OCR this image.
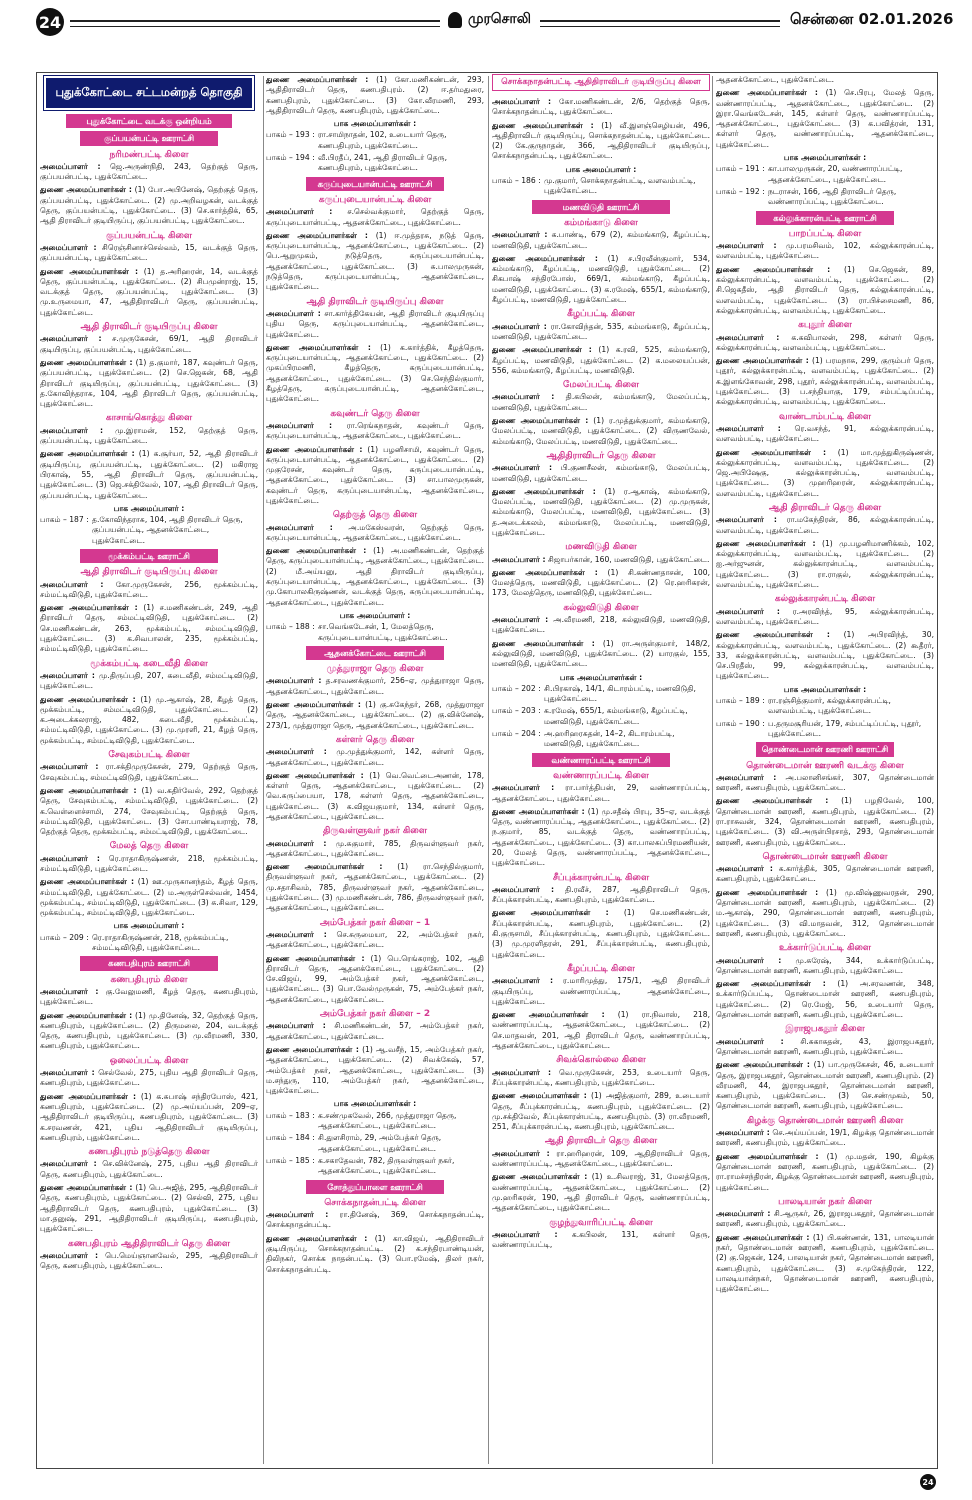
24	முரசொலி	சென்னை 02.01.2026
புதுக்கோட்டை சட்டமன்றத் தொகுதி
புதுக்கோட்டை வடக்கு ஒன்றியம்
குப்பயன்பட்டி ஊராட்சி
நரிமண்பட்டி கிளை
அமைப்பாளர் : ஜெ.அருண்நிதி, 243, தெற்குத் தெரு, குப்பயன்பட்டி, புதுக்கோட்டை.
துணை அமைப்பாளர்கள் : (1) போ.அபினேஷ், தெற்குத் தெரு, குப்பயன்பட்டி, புதுக்கோட்டை. (2) மு.அறிவழகன், வடக்குத் தெரு, குப்பயன்பட்டி, புதுக்கோட்டை. (3) செ.கார்த்திக், 65, ஆதி திராவிடர் குடியிருப்பு, குப்பயன்பட்டி, புதுக்கோட்டை.
குப்பயன்பட்டி கிளை
அமைப்பாளர் : சிரெஞ்சினாச்செல்வம், 15, வடக்குத் தெரு, குப்பயன்பட்டி, புதுக்கோட்டை.
துணை அமைப்பாளர்கள் : (1) த.அரிஹரன், 14, வடக்குத் தெரு, குப்பயன்பட்டி, புதுக்கோட்டை. (2) சிபமுன்ராஜ், 15, வடக்குத் தெரு, குப்பயன்பட்டி, புதுக்கோட்டை. (3) மு.உருமையா, 47, ஆதிதிராவிடர் தெரு, குப்பயன்பட்டி, புதுக்கோட்டை.
ஆதி திராவிடர் குடியிருப்பு கிளை
அமைப்பாளர் : ச.முருகேசன், 69/1, ஆதி திராவிடர் குடியிருப்பு, குப்பயன்பட்டி, புதுக்கோட்டை.
துணை அமைப்பாளர்கள் : (1) த.குமார், 187, கவுண்டர் தெரு, குப்பயன்பட்டி, புதுக்கோட்டை. (2) செ.ஜெகன், 68, ஆதி திராவிடர் குடியிருப்பு, குப்பயன்பட்டி, புதுக்கோட்டை. (3) த.கோவிந்தராசு, 104, ஆதி திராவிடர் தெரு, குப்பயன்பட்டி, புதுக்கோட்டை.
காசாங்கொத்து கிளை
அமைப்பாளர் : மு.இராமன், 152, தெற்குத் தெரு, குப்பயன்பட்டி, புதுக்கோட்டை.
துணை அமைப்பாளர்கள் : (1) க.சூர்யா, 52, ஆதி திராவிடர் குடியிருப்பு, குப்பயன்பட்டி, புதுக்கோட்டை. (2) மகிராஜ பிரகாஷ், 55, ஆதி திராவிடர் தெரு, குப்பயன்பட்டி, புதுக்கோட்டை. (3) ஜெ.சக்திவேல், 107, ஆதி திராவிடர் தெரு, குப்பயன்பட்டி, புதுக்கோட்டை.
பாக அமைப்பாளர் :
பாகம் – 187 : த.கோவிந்தராசு, 104, ஆதி திராவிடர் தெரு, குப்பயன்பட்டி, ஆதனக்கோட்டை, புதுக்கோட்டை.
மூக்கம்பட்டி ஊராட்சி
ஆதி திராவிடர் குடியிருப்பு கிளை
அமைப்பாளர் : கோ.முருகேசன், 256, மூக்கம்பட்டி, சம்மட்டிவிடுதி, புதுக்கோட்டை.
துணை அமைப்பாளர்கள் : (1) ச.மணிகண்டன், 249, ஆதி திராவிடர் தெரு, சம்மட்டிவிடுதி, புதுக்கோட்டை. (2) செ.மணிகண்டன், 263, மூக்கம்பட்டி, சம்மட்டிவிடுதி, புதுக்கோட்டை. (3) க.சிவபாலன், 235, மூக்கம்பட்டி, சம்மட்டிவிடுதி, புதுக்கோட்டை.
மூக்கம்பட்டி கடைவீதி கிளை
அமைப்பாளர் : மு.திருப்பதி, 207, கடைவீதி, சம்மட்டிவிடுதி, புதுக்கோட்டை.
துணை அமைப்பாளர்கள் : (1) மு.ஆகாஷ், 28, கீழத் தெரு, மூக்கம்பட்டி, சம்மட்டிவிடுதி, புதுக்கோட்டை. (2) க.அடைக்கலராஜ், 482, கடைவீதி, மூக்கம்பட்டி, சம்மட்டிவிடுதி, புதுக்கோட்டை. (3) மு.முரளி, 21, கீழத் தெரு, மூக்கம்பட்டி, சம்மட்டிவிடுதி, புதுக்கோட்டை.
சேவுகம்பட்டி கிளை
அமைப்பாளர் : ரா.சக்திமுருகேசன், 279, தெற்குத் தெரு, சேவுகம்பட்டி, சம்மட்டிவிடுதி, புதுக்கோட்டை.
துணை அமைப்பாளர்கள் : (1) வ.கதிர்வேல், 292, தெற்குத் தெரு, சேவுகம்பட்டி, சம்மட்டிவிடுதி, புதுக்கோட்டை. (2) க.வெள்ளைச்சாமி, 274, சேவுகம்பட்டி, தெற்குத் தெரு, சம்மட்டிவிடுதி, புதுக்கோட்டை. (3) சோ.பாண்டியராஜ், 78, தெற்குத் தெரு, மூக்கம்பட்டி, சம்மட்டிவிடுதி, புதுக்கோட்டை.
மேலத் தெரு கிளை
அமைப்பாளர் : ரெ.ராதாகிருஷ்ணன், 218, மூக்கம்பட்டி, சம்மட்டிவிடுதி, புதுக்கோட்டை.
துணை அமைப்பாளர்கள் : (1) ஊ.முருகானந்தம், கீழத் தெரு, சம்மட்டிவிடுதி, புதுக்கோட்டை. (2) ம.அருள்செல்வன், 1454, மூக்கம்பட்டி, சம்மட்டிவிடுதி, புதுக்கோட்டை. (3) சு.சிவா, 129, மூக்கம்பட்டி, சம்மட்டிவிடுதி, புதுக்கோட்டை.
பாக அமைப்பாளர் :
பாகம் – 209 : ரெ.ராதாகிருஷ்ணன், 218, மூக்கம்பட்டி, சம்மட்டிவிடுதி, புதுக்கோட்டை.
கணபதிபுரம் ஊராட்சி
கணபதிபுரம் கிளை
அமைப்பாளர் : கு.வேலுமணி, கீழத் தெரு, கணபதிபுரம், புதுக்கோட்டை.
துணை அமைப்பாளர்கள் : (1) மு.தினேஷ், 32, தெற்குத் தெரு, கணபதிபுரம், புதுக்கோட்டை. (2) திருமலை, 204, வடக்குத் தெரு, கணபதிபுரம், புதுக்கோட்டை. (3) மு.வீரமணி, 330, கணபதிபுரம், புதுக்கோட்டை.
ஒலைப்பட்டி கிளை
அமைப்பாளர் : செல்வேல், 275, புதிய ஆதி திராவிடர் தெரு, கணபதிபுரம், புதுக்கோட்டை.
துணை அமைப்பாளர்கள் : (1) க.சுபாஷ் சந்திரபோஸ், 421, கணபதிபுரம், புதுக்கோட்டை. (2) மு.அய்யப்பன், 209–ஏ, ஆதிதிராவிடர் குடியிருப்பு, கணபதிபுரம், புதுக்கோட்டை. (3) க.சரவணன், 421, புதிய ஆதிதிராவிடர் குடியிருப்பு, கணபதிபுரம், புதுக்கோட்டை.
கணபதிபுரம் நடுத்தெரு கிளை
அமைப்பாளர் : செ.விக்னேஷ், 275, புதிய ஆதி திராவிடர் தெரு, கணபதிபுரம், புதுக்கோட்டை.
துணை அமைப்பாளர்கள் : (1) பெ.அஜித், 295, ஆதிதிராவிடர் தெரு, கணபதிபுரம், புதுக்கோட்டை. (2) செல்வி, 275, புதிய ஆதிதிராவிடர் தெரு, கணபதிபுரம், புதுக்கோட்டை. (3) மா.தனுஷ், 291, ஆதிதிராவிடர் குடியிருப்பு, கணபதிபுரம், புதுக்கோட்டை.
கணபதிபுரம் ஆதிதிராவிடர் தெரு கிளை
அமைப்பாளர் : பெ.மெய்ஞானவேல், 295, ஆதிதிராவிடர் தெரு, கணபதிபுரம், புதுக்கோட்டை.
துணை அமைப்பாளர்கள் : (1) கோ.மணிகண்டன், 293, ஆதிதிராவிடர் தெரு, கணபதிபுரம். (2) ஈ.தர்மதுரை, கணபதிபுரம், புதுக்கோட்டை. (3) கோ.வீரமணி, 293, ஆதிதிராவிடர் தெரு, கணபதிபுரம், புதுக்கோட்டை.
பாக அமைப்பாளர்கள் :
பாகம் – 193 : ரா.சாமிநாதன், 102, உடையார் தெரு, கணபதிபுரம், புதுக்கோட்டை.
பாகம் – 194 : வீ.பிரதீப், 241, ஆதி திராவிடர் தெரு, கணபதிபுரம், புதுக்கோட்டை.
கருப்புடையான்பட்டி ஊராட்சி
கருப்புடையான்பட்டி கிளை
அமைப்பாளர் : ச.செல்வக்குமார், தெற்குத் தெரு, கருப்புடையான்பட்டி, ஆதனக்கோட்டை, புதுக்கோட்டை.
துணை அமைப்பாளர்கள் : (1) ஈ.முத்தரசு, நடுத் தெரு, கருப்புடையான்பட்டி, ஆதனக்கோட்டை, புதுக்கோட்டை. (2) பெ.ஆறுமுகம், நடுத்தெரு, கருப்புடையான்பட்டி, ஆதனக்கோட்டை, புதுக்கோட்டை. (3) சு.பாலமுருகன், நடுத்தெரு, கருப்புடையான்பட்டி, ஆதனக்கோட்டை, புதுக்கோட்டை.
ஆதி திராவிடர் குடியிருப்பு கிளை
அமைப்பாளர் : சா.கார்த்திகேயன், ஆதி திராவிடர் குடியிருப்பு புதிய தெரு, கருப்புடையான்பட்டி, ஆதனக்கோட்டை, புதுக்கோட்டை.
துணை அமைப்பாளர்கள் : (1) க.கார்த்திக், கீழத்தெரு, கருப்புடையான்பட்டி, ஆதனக்கோட்டை, புதுக்கோட்டை. (2) முகப்பிரமணி, கீழத்தெரு, கருப்புடையான்பட்டி, ஆதனக்கோட்டை, புதுக்கோட்டை. (3) செ.செந்தில்குமார், கீழத்தெரு, கருப்புடையான்பட்டி, ஆதனக்கோட்டை, புதுக்கோட்டை.
கவுண்டர் தெரு கிளை
அமைப்பாளர் : ரா.ரெங்கநாதன், கவுண்டர் தெரு, கருப்புடையான்பட்டி, ஆதனக்கோட்டை, புதுக்கோட்டை.
துணை அமைப்பாளர்கள் : (1) பழனிசாமி, கவுண்டர் தெரு, கருப்புடையான்பட்டி, ஆதனக்கோட்டை, புதுக்கோட்டை. (2) முகுரேசன், கவுண்டர் தெரு, கருப்புடையான்பட்டி, ஆதனக்கோட்டை, புதுக்கோட்டை. (3) சா.பாலமுருகன், கவுண்டர் தெரு, கருப்புடையான்பட்டி, ஆதனக்கோட்டை, புதுக்கோட்டை.
தெற்குத் தெரு கிளை
அமைப்பாளர் : அ.மகேஸ்வரன், தெற்குத் தெரு, கருப்புடையான்பட்டி, ஆதனக்கோட்டை, புதுக்கோட்டை.
துணை அமைப்பாளர்கள் : (1) அ.மணிகண்டன், தெற்குத் தெரு, கருப்புடையான்பட்டி, ஆதனக்கோட்டை, புதுக்கோட்டை. (2) மீ.அய்யனு, ஆதி திராவிடர் குடியிருப்பு, கருப்புடையான்பட்டி, ஆதனக்கோட்டை, புதுக்கோட்டை. (3) மு.கோபாலகிருஷ்ணன், வடக்குத் தெரு, கருப்புடையான்பட்டி, ஆதனக்கோட்டை, புதுக்கோட்டை.
பாக அமைப்பாளர் :
பாகம் – 188 : சா.வெங்கடேசன், 1, மேலத்தெரு, கருப்புடையான்பட்டி, புதுக்கோட்டை.
ஆதனக்கோட்டை ஊராட்சி
முத்துராஜா தெரு கிளை
அமைப்பாளர் : த.சரவணக்குமார், 256–ஏ, முத்துராஜா தெரு, ஆதனக்கோட்டை, புதுக்கோட்டை.
துணை அமைப்பாளர்கள் : (1) கு.சுகேந்தர், 268, முத்துராஜா தெரு, ஆதனக்கோட்டை, புதுக்கோட்டை. (2) கு.விக்னேஷ், 273/1, முத்துராஜா தெரு, ஆதனக்கோட்டை, புதுக்கோட்டை.
கள்ளர் தெரு கிளை
அமைப்பாளர் : மு.முத்துக்குமார், 142, கள்ளர் தெரு, ஆதனக்கோட்டை, புதுக்கோட்டை.
துணை அமைப்பாளர்கள் : (1) வெ.வெட்டைஅணன், 178, கள்ளர் தெரு, ஆதனக்கோட்டை, புதுக்கோட்டை. (2) வெ.கருப்பையா, 178, கள்ளர் தெரு, ஆதனக்கோட்டை, புதுக்கோட்டை. (3) க.விஜயகுமார், 134, கள்ளர் தெரு, ஆதனக்கோட்டை, புதுக்கோட்டை.
திருவள்ளுவர் நகர் கிளை
அமைப்பாளர் : மு.சுகுமார், 785, திருவள்ளுவர் நகர், ஆதனக்கோட்டை, புதுக்கோட்டை.
துணை அமைப்பாளர்கள் : (1) ரா.செந்தில்குமார், திருவள்ளுவர் நகர், ஆதனக்கோட்டை, புதுக்கோட்டை. (2) மு.சதாசிவம், 785, திருவள்ளுவர் நகர், ஆதனக்கோட்டை, புதுக்கோட்டை. (3) மு.மணிகண்டன், 786, திருவள்ளுவர் நகர், ஆதனக்கோட்டை, புதுக்கோட்டை.
அம்பேத்கர் நகர் கிளை – 1
அமைப்பாளர் : செ.சுருமையா, 22, அம்பேத்கர் நகர், ஆதனக்கோட்டை, புதுக்கோட்டை.
துணை அமைப்பாளர்கள் : (1) பெ.ரெங்கராஜ், 102, ஆதி திராவிடர் தெரு, ஆதனக்கோட்டை, புதுக்கோட்டை. (2) சே.விஜய், 99, அம்பேத்கர் நகர், ஆதனக்கோட்டை, புதுக்கோட்டை. (3) பொ.வேல்முருகன், 75, அம்பேத்கர் நகர், ஆதனக்கோட்டை, புதுக்கோட்டை.
அம்பேத்கர் நகர் கிளை – 2
அமைப்பாளர் : சி.மணிகண்டன், 57, அம்பேத்கர் நகர், ஆதனக்கோட்டை, புதுக்கோட்டை.
துணை அமைப்பாளர்கள் : (1) ஆ.வசீந், 15, அம்பேத்கர் நகர், ஆதனக்கோட்டை, புதுக்கோட்டை. (2) சிவக்கேஷ், 57, அம்பேத்கர் நகர், ஆதனக்கோட்டை, புதுக்கோட்டை. (3) ம.சந்துரு, 110, அம்பேத்கர் நகர், ஆதனக்கோட்டை, புதுக்கோட்டை.
பாக அமைப்பாளர்கள் :
பாகம் – 183 : க.சண்முகவேல், 266, முத்துராஜா தெரு, ஆதனக்கோட்டை, புதுக்கோட்டை.
பாகம் – 184 : சி.துளசிராம், 29, அம்பேத்கர் தெரு, ஆதனக்கோட்டை, புதுக்கோட்டை.
பாகம் – 185 : க.சகாதேவன், 782, திருவள்ளுவர் நகர், ஆதனக்கோட்டை, புதுக்கோட்டை.
சோத்துப்பாளை ஊராட்சி
சொக்கநாதன்பட்டி கிளை
அமைப்பாளர் : ரா.தினேஷ், 369, சொக்கநாதன்பட்டி, சொக்கநாதன்பட்டி.
துணை அமைப்பாளர்கள் : (1) கா.விஜய், ஆதிதிராவிடர் குடியிருப்பு, சொக்கநாதன்பட்டி. (2) க.சந்திரபாண்டியன், திலிநகர், சொக்க நாதன்பட்டி. (3) பொ.ரமேஷ், திலர் நகர், சொக்கநாதன்பட்டி.
சொக்கநாதன்பட்டி ஆதிதிராவிடர் குடியிருப்பு கிளை
அமைப்பாளர் : கோ.மணிகண்டன், 2/6, தெற்குத் தெரு, சொக்கநாதன்பட்டி, புதுக்கோட்டை.
துணை அமைப்பாளர்கள் : (1) வீ.இளஞ்செழியன், 496, ஆதிதிராவிடர் குடியிருப்பு, சொக்கநாதன்பட்டி, புதுக்கோட்டை. (2) கே.குருநாதன், 366, ஆதிதிராவிடர் குடியிருப்பு, சொக்கநாதன்பட்டி, புதுக்கோட்டை.
பாக அமைப்பாளர் :
பாகம் – 186 : மு.குமார், சொக்கநாதன்பட்டி, வளவம்பட்டி, புதுக்கோட்டை.
மணவிடுதி ஊராட்சி
கம்மங்காடு கிளை
அமைப்பாளர் : க.பாண்டி, 679 (2), கம்மங்காடு, கீழப்பட்டி, மணவிடுதி, புதுக்கோட்டை.
துணை அமைப்பாளர்கள் : (1) ச.பிரவீன்குமார், 534, கம்மங்காடு, கீழப்பட்டி, மணவிடுதி, புதுக்கோட்டை. (2) சிகபாஷ் சந்திரபோஸ், 669/1, கம்மங்காடு, கீழப்பட்டி, மணவிடுதி, புதுக்கோட்டை. (3) க.ரமேஷ், 655/1, கம்மங்காடு, கீழப்பட்டி, மணவிடுதி, புதுக்கோட்டை.
கீழப்பட்டி கிளை
அமைப்பாளர் : ரா.கோவிந்தன், 535, கம்மங்காடு, கீழப்பட்டி, மணவிடுதி, புதுக்கோட்டை.
துணை அமைப்பாளர்கள் : (1) க.ரவி, 525, கம்மங்காடு, கீழப்பட்டி, மணவிடுதி, புதுக்கோட்டை. (2) க.மலையப்பன், 556, கம்மங்காடு, கீழப்பட்டி, மணவிடுதி.
மேலப்பட்டி கிளை
அமைப்பாளர் : தி.கபிலன், கம்மங்காடு, மேலப்பட்டி, மணவிடுதி, புதுக்கோட்டை.
துணை அமைப்பாளர்கள் : (1) ர.முத்துக்குமார், கம்மங்காடு, மேலப்பட்டி, மணவிடுதி, புதுக்கோட்டை. (2) விருணவேல், கம்மங்காடு, மேலப்பட்டி, மணவிடுதி, புதுக்கோட்டை.
ஆதிதிராவிடர் தெரு கிளை
அமைப்பாளர் : பி.குணசீலன், கம்மங்காடு, மேலப்பட்டி, மணவிடுதி, புதுக்கோட்டை.
துணை அமைப்பாளர்கள் : (1) ர.ஆகாஷ், கம்மங்காடு, மேலப்பட்டி, மணவிடுதி, புதுக்கோட்டை. (2) மு.முருகன், கம்மங்காடு, மேலப்பட்டி, மணவிடுதி, புதுக்கோட்டை. (3) த.அடைக்கலம், கம்மங்காடு, மேலப்பட்டி, மணவிடுதி, புதுக்கோட்டை.
மணவிடுதி கிளை
அமைப்பாளர் : சிஜாபர்கான், 160, மணவிடுதி, புதுக்கோட்டை.
துணை அமைப்பாளர்கள் : (1) சி.கண்ணதாசன், 100, மேலத்தெரு, மணவிடுதி, புதுக்கோட்டை. (2) ரெ.ஹரிகரன், 173, மேலத்தெரு, மணவிடுதி, புதுக்கோட்டை.
கல்லுவிடுதி கிளை
அமைப்பாளர் : அ.வீரமணி, 218, கல்லுவிடுதி, மணவிடுதி, புதுக்கோட்டை.
துணை அமைப்பாளர்கள் : (1) ரா.அருள்குமார், 148/2, கல்லுவிடுதி, மணவிடுதி, புதுக்கோட்டை. (2) யாரகுல், 155, மணவிடுதி, புதுக்கோட்டை.
பாக அமைப்பாளர்கள் :
பாகம் – 202 : சி.பிரகாஷ், 14/1, கிடாரம்பட்டி, மணவிடுதி, புதுக்கோட்டை.
பாகம் – 203 : க.ரமேஷ், 655/1, கம்மங்காடு, கீழப்பட்டி, மணவிடுதி, புதுக்கோட்டை.
பாகம் – 204 : அ.ஹரிஹரசுதன், 14–2, கிடாரம்பட்டி, மணவிடுதி, புதுக்கோட்டை.
வண்ணாரப்பட்டி ஊராட்சி
வண்ணாரப்பட்டி கிளை
அமைப்பாளர் : ரா.பார்த்திபன், 29, வண்ணாரப்பட்டி, ஆதனக்கோட்டை, புதுக்கோட்டை.
துணை அமைப்பாளர்கள் : (1) மு.சதீஷ் பிரபு, 35–ஏ, வடக்குத் தெரு, வண்ணாரப்பட்டி, ஆதனக்கோட்டை, புதுக்கோட்டை. (2) ந.குமார், 85, வடக்குத் தெரு, வண்ணாரப்பட்டி, ஆதனக்கோட்டை, புதுக்கோட்டை. (3) கா.பாலசுப்பிரமணியன், 20, மேலத் தெரு, வண்ணாரப்பட்டி, ஆதனக்கோட்டை, புதுக்கோட்டை.
சீப்புக்காரன்பட்டி கிளை
அமைப்பாளர் : தி.ரவீச், 287, ஆதிதிராவிடர் தெரு, சீப்புக்காரன்பட்டி, கணபதிபுரம், புதுக்கோட்டை.
துணை அமைப்பாளர்கள் : (1) செ.மணிகண்டன், சீப்புக்காரன்பட்டி, கணபதிபுரம், புதுக்கோட்டை. (2) கி.குருசாமி, சீப்புக்காரன்பட்டி, கணபதிபுரம், புதுக்கோட்டை. (3) மு.முரளிதரன், 291, சீப்புக்காரன்பட்டி, கணபதிபுரம், புதுக்கோட்டை.
கீழப்பட்டி கிளை
அமைப்பாளர் : ர.மாரிமுத்து, 175/1, ஆதி திராவிடர் குடியிருப்பு, வண்ணாரப்பட்டி, ஆதனக்கோட்டை, புதுக்கோட்டை.
துணை அமைப்பாளர்கள் : (1) ரா.நிவாஸ், 218, வண்ணாரப்பட்டி, ஆதனக்கோட்டை, புதுக்கோட்டை. (2) செ.மாதவன், 201, ஆதி திராவிடர் தெரு, வண்ணாரப்பட்டி, ஆதனக்கோட்டை, புதுக்கோட்டை.
சிவக்கொல்லை கிளை
அமைப்பாளர் : வெ.முருகேசன், 253, உடையார் தெரு, சீப்புக்காரன்பட்டி, கணபதிபுரம், புதுக்கோட்டை.
துணை அமைப்பாளர்கள் : (1) அஜித்குமார், 289, உடையார் தெரு, சீப்புக்காரன்பட்டி, கணபதிபுரம், புதுக்கோட்டை. (2) மு.சக்திவேல், சீப்புக்காரன்பட்டி, கணபதிபுரம். (3) ரா.வீரமணி, 251, சீப்புக்காரன்பட்டி, கணபதிபுரம், புதுக்கோட்டை.
ஆதி திராவிடர் தெரு கிளை
அமைப்பாளர் : ரா.ஹரிஹரன், 109, ஆதிதிராவிடர் தெரு, வண்ணாரப்பட்டி, ஆதனக்கோட்டை, புதுக்கோட்டை.
துணை அமைப்பாளர்கள் : (1) உ.சிவராஜ், 31, மேலத்தெரு, வண்ணாரப்பட்டி, ஆதனக்கோட்டை, புதுக்கோட்டை. (2) மு.ஹரிகரன், 190, ஆதி திராவிடர் தெரு, வண்ணாரப்பட்டி, ஆதனக்கோட்டை, புதுக்கோட்டை.
குழந்துவாரிப்பட்டி கிளை
அமைப்பாளர் : க.கபிலன், 131, கள்ளர் தெரு, வண்ணாரப்பட்டி,
ஆதனக்கோட்டை, புதுக்கோட்டை.
துணை அமைப்பாளர்கள் : (1) செ.பிரபு, மேலத் தெரு, வண்ணாரப்பட்டி, ஆதனக்கோட்டை, புதுக்கோட்டை. (2) இரா.வெங்கடேசன், 145, கள்ளர் தெரு, வண்ணாரப்பட்டி, ஆதனக்கோட்டை, புதுக்கோட்டை. (3) க.பவித்ரன், 131, கள்ளர் தெரு, வண்ணாரப்பட்டி, ஆதனக்கோட்டை, புதுக்கோட்டை.
பாக அமைப்பாளர்கள் :
பாகம் – 191 : கா.பாலமுருகன், 20, வண்ணாரப்பட்டி, ஆதனக்கோட்டை, புதுக்கோட்டை.
பாகம் – 192 : நடராசன், 166, ஆதி திராவிடர் தெரு, வண்ணாரப்பட்டி, புதுக்கோட்டை.
கல்லுக்காரன்பட்டி ஊராட்சி
பாறப்பட்டி கிளை
அமைப்பாளர் : மு.பரமசிவம், 102, கல்லுக்காரன்பட்டி, வளவம்பட்டி, புதுக்கோட்டை.
துணை அமைப்பாளர்கள் : (1) செ.ஜெகன், 89, கல்லுக்காரன்பட்டி, வளவம்பட்டி, புதுக்கோட்டை. (2) சி.ஜெகதீஸ், ஆதி திராவிடர் தெரு, கல்லுக்காரன்பட்டி, வளவம்பட்டி, புதுக்கோட்டை. (3) ரா.பிச்சைமணி, 86, கல்லுக்காரன்பட்டி, வளவம்பட்டி, புதுக்கோட்டை.
கபுதூர் கிளை
அமைப்பாளர் : க.கவிபாலன், 298, கள்ளர் தெரு, கல்லுக்காரன்பட்டி, வளவம்பட்டி, புதுக்கோட்டை.
துணை அமைப்பாளர்கள் : (1) பரமநாசு, 299, குரும்பர் தெரு, புதூர், கல்லுக்காரன்பட்டி, வளவம்பட்டி, புதுக்கோட்டை. (2) க.இளங்கோவன், 298, புதூர், கல்லுக்காரன்பட்டி, வளவம்பட்டி, புதுக்கோட்டை. (3) ப.சந்தியாகு, 179, சம்பட்டிப்பட்டி, கல்லுக்காரன்பட்டி, வளவம்பட்டி, புதுக்கோட்டை.
வாண்டாம்பட்டி கிளை
அமைப்பாளர் : ரெ.வசந்த், 91, கல்லுக்காரன்பட்டி, வளவம்பட்டி, புதுக்கோட்டை.
துணை அமைப்பாளர்கள் : (1) மா.முத்துகிருஷ்ணன், கல்லுக்காரன்பட்டி, வளவம்பட்டி, புதுக்கோட்டை. (2) ஜெ.அபிஷேகு, கல்லுக்காரன்பட்டி, வளவம்பட்டி, புதுக்கோட்டை. (3) முஹரிஹரன், கல்லுக்காரன்பட்டி, வளவம்பட்டி, புதுக்கோட்டை.
ஆதி திராவிடர் தெரு கிளை
அமைப்பாளர் : ரா.மகேந்திரன், 86, கல்லுக்காரன்பட்டி, வளவம்பட்டி, புதுக்கோட்டை.
துணை அமைப்பாளர்கள் : (1) மு.பழனிமாணிக்கம், 102, கல்லுக்காரன்பட்டி, வளவம்பட்டி, புதுக்கோட்டை. (2) ஐ.அர்ஜுனன், கல்லுக்காரன்பட்டி, வளவம்பட்டி, புதுக்கோட்டை. (3) ரா.ராகுல், கல்லுக்காரன்பட்டி, வளவம்பட்டி, புதுக்கோட்டை.
கல்லுக்காரன்பட்டி கிளை
அமைப்பாளர் : ர.அரவிந்த், 95, கல்லுக்காரன்பட்டி, வளவம்பட்டி, புதுக்கோட்டை.
துணை அமைப்பாளர்கள் : (1) அபிரவிந்த், 30, கல்லுக்காரன்பட்டி, வளவம்பட்டி, புதுக்கோட்டை. (2) கூதீரர், 33, கல்லுக்காரன்பட்டி, வளவம்பட்டி, புதுக்கோட்டை. (3) செ.பிரதீஸ், 99, கல்லுக்காரன்பட்டி, வளவம்பட்டி, புதுக்கோட்டை.
பாக அமைப்பாளர்கள் :
பாகம் – 189 : ரா.ரஞ்சித்குமார், கல்லுக்காரன்பட்டி, வளவம்பட்டி, புதுக்கோட்டை.
பாகம் – 190 : ப.தருமசூரியன், 179, சம்பட்டிப்பட்டி, புதூர், புதுக்கோட்டை.
தொண்டைமான் ஊரணி ஊராட்சி
தொண்டைமான் ஊரணி வடக்கு கிளை
அமைப்பாளர் : அ.பலானிசங்கர், 307, தொண்டைமான் ஊரணி, கணபதிபுரம், புதுக்கோட்டை.
துணை அமைப்பாளர்கள் : (1) பழநிவேல், 100, தொண்டைமான் ஊரணி, கணபதிபுரம், புதுக்கோட்டை. (2) ரா.ராசுவன், 324, தொண்டைமான் ஊரணி, கணபதிபுரம், புதுக்கோட்டை. (3) வி.அருள்பிரசாத், 293, தொண்டைமான் ஊரணி, கணபதிபுரம், புதுக்கோட்டை.
தொண்டைமான் ஊரணி கிளை
அமைப்பாளர் : க.கார்த்திக், 305, தொண்டைமான் ஊரணி, கணபதிபுரம், புதுக்கோட்டை.
துணை அமைப்பாளர்கள் : (1) மு.விஷ்ணுவரதன், 290, தொண்டைமான் ஊரணி, கணபதிபுரம், புதுக்கோட்டை. (2) ம.ஆகாஷ், 290, தொண்டைமான் ஊரணி, கணபதிபுரம், புதுக்கோட்டை. (3) வி.மாதவன், 312, தொண்டைமான் ஊரணி, கணபதிபுரம், புதுக்கோட்டை.
உக்கார்டுப்பட்டி கிளை
அமைப்பாளர் : மு.சுரேஷ், 344, உக்கார்டுப்பட்டி, தொண்டைமான் ஊரணி, கணபதிபுரம், புதுக்கோட்டை.
துணை அமைப்பாளர்கள் : (1) அ.சரவணன், 348, உக்கார்டுப்பட்டி, தொண்டைமான் ஊரணி, கணபதிபுரம், புதுக்கோட்டை. (2) ரெ.மேஜ், 56, உடையார் தெரு, தொண்டைமான் ஊரணி, கணபதிபுரம், புதுக்கோட்டை.
இராஜபகதூர் கிளை
அமைப்பாளர் : சி.சுகாசுதன், 43, இராஜபகதூர், தொண்டைமான் ஊரணி, கணபதிபுரம், புதுக்கோட்டை.
துணை அமைப்பாளர்கள் : (1) பா.முருகேசன், 46, உடையார் தெரு, இராஜபகதூர், தொண்டைமான் ஊரணி, கணபதிபுரம். (2) வீரமணி, 44, இராஜபகதூர், தொண்டைமான் ஊரணி, கணபதிபுரம், புதுக்கோட்டை. (3) செ.சண்முகம், 50, தொண்டைமான் ஊரணி, கணபதிபுரம், புதுக்கோட்டை.
கிழக்கு தொண்டைமான் ஊரணி கிளை
அமைப்பாளர் : செ.அய்யப்பன், 19/1, கிழக்கு தொண்டைமான் ஊரணி, கணபதிபுரம், புதுக்கோட்டை.
துணை அமைப்பாளர்கள் : (1) மு.மதன், 190, கிழக்கு தொண்டைமான் ஊரணி, கணபதிபுரம், புதுக்கோட்டை. (2) ரா.ராமச்சந்திரன், கிழக்கு தொண்டைமான் ஊரணி, கணபதிபுரம், புதுக்கோட்டை.
பாலடியான் நகர் கிளை
அமைப்பாளர் : சி.ஆருகர், 26, இராஜபகதூர், தொண்டைமான் ஊரணி, கணபதிபுரம், புதுக்கோட்டை.
துணை அமைப்பாளர்கள் : (1) பி.கண்ணன், 131, பாலடியான் நகர், தொண்டைமான் ஊரணி, கணபதிபுரம், புதுக்கோட்டை. (2) கு.ஜெகன், 124, பாலடியான் நகர், தொண்டைமான் ஊரணி, கணபதிபுரம், புதுக்கோட்டை. (3) ச.முகேந்திரன், 122, பாலடியான்நகர், தொண்டைமான் ஊரணி, கணபதிபுரம், புதுக்கோட்டை.
24
